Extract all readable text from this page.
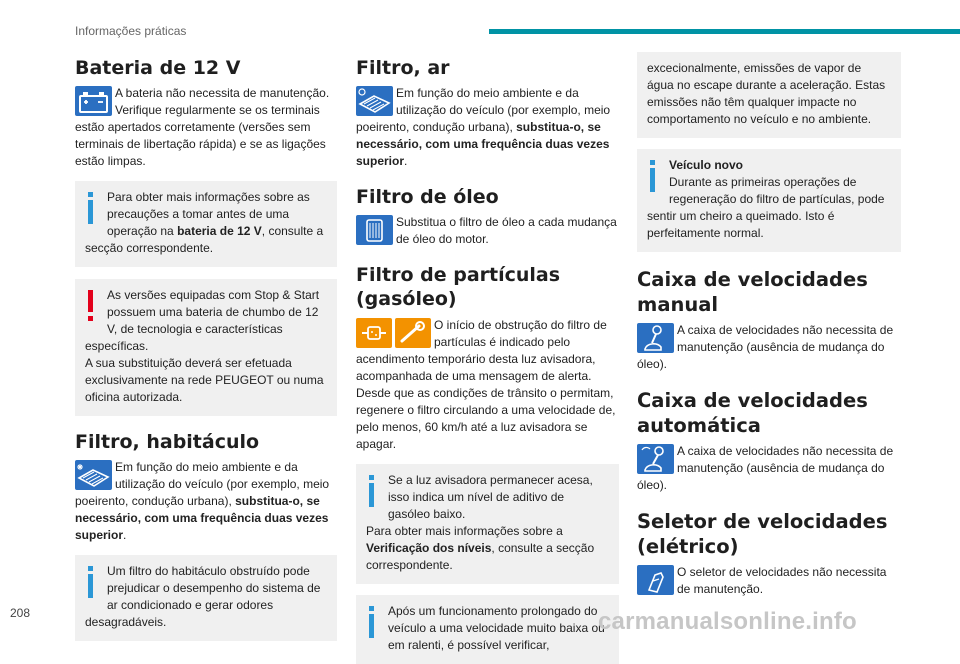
Informações práticas
Bateria de 12 V
A bateria não necessita de manutenção. Verifique regularmente se os terminais estão apertados corretamente (versões sem terminais de libertação rápida) e se as ligações estão limpas.
Para obter mais informações sobre as precauções a tomar antes de uma operação na bateria de 12 V, consulte a secção correspondente.
As versões equipadas com Stop & Start possuem uma bateria de chumbo de 12 V, de tecnologia e características específicas.
A sua substituição deverá ser efetuada exclusivamente na rede PEUGEOT ou numa oficina autorizada.
Filtro, habitáculo
Em função do meio ambiente e da utilização do veículo (por exemplo, meio poeirento, condução urbana), substitua-o, se necessário, com uma frequência duas vezes superior.
Um filtro do habitáculo obstruído pode prejudicar o desempenho do sistema de ar condicionado e gerar odores desagradáveis.
Filtro, ar
Em função do meio ambiente e da utilização do veículo (por exemplo, meio poeirento, condução urbana), substitua-o, se necessário, com uma frequência duas vezes superior.
Filtro de óleo
Substitua o filtro de óleo a cada mudança de óleo do motor.
Filtro de partículas
(gasóleo)
O início de obstrução do filtro de partículas é indicado pelo acendimento temporário desta luz avisadora, acompanhada de uma mensagem de alerta. Desde que as condições de trânsito o permitam, regenere o filtro circulando a uma velocidade de, pelo menos, 60 km/h até a luz avisadora se apagar.
Se a luz avisadora permanecer acesa, isso indica um nível de aditivo de gasóleo baixo.
Para obter mais informações sobre a Verificação dos níveis, consulte a secção correspondente.
Após um funcionamento prolongado do veículo a uma velocidade muito baixa ou em ralenti, é possível verificar,
excecionalmente, emissões de vapor de água no escape durante a aceleração. Estas emissões não têm qualquer impacte no comportamento no veículo e no ambiente.
Veículo novo
Durante as primeiras operações de regeneração do filtro de partículas, pode sentir um cheiro a queimado. Isto é perfeitamente normal.
Caixa de velocidades
manual
A caixa de velocidades não necessita de manutenção (ausência de mudança do óleo).
Caixa de velocidades
automática
A caixa de velocidades não necessita de manutenção (ausência de mudança do óleo).
Seletor de velocidades
(elétrico)
O seletor de velocidades não necessita de manutenção.
208	carmanualsonline.info
